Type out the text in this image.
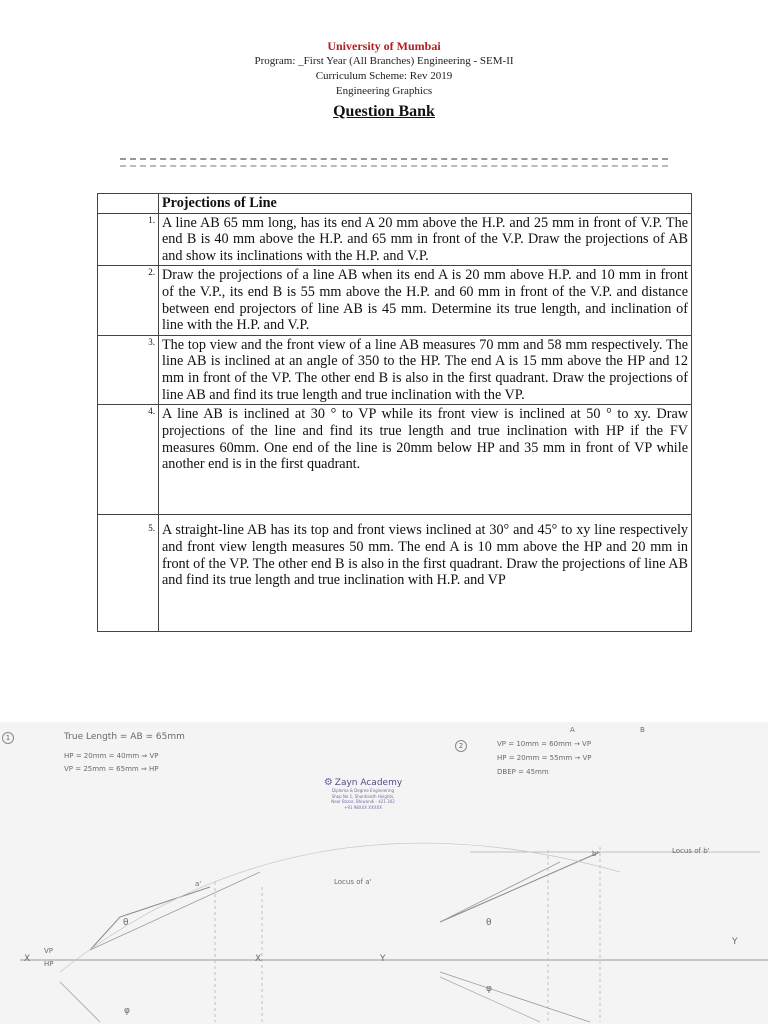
University of Mumbai
Program: _First Year (All Branches) Engineering - SEM-II
Curriculum Scheme: Rev 2019
Engineering Graphics
Question Bank
	Projections of Line
1.	A line AB 65 mm long, has its end A 20 mm above the H.P. and 25 mm in front of V.P. The end B is 40 mm above the H.P. and 65 mm in front of the V.P. Draw the projections of AB and show its inclinations with the H.P. and V.P.
2.	Draw the projections of a line AB when its end A is 20 mm above H.P. and 10 mm in front of the V.P., its end B is 55 mm above the H.P. and 60 mm in front of the V.P. and distance between end projectors of line AB is 45 mm. Determine its true length, and inclination of line with the H.P. and V.P.
3.	The top view and the front view of a line AB measures 70 mm and 58 mm respectively. The line AB is inclined at an angle of 350 to the HP. The end A is 15 mm above the HP and 12 mm in front of the VP. The other end B is also in the first quadrant. Draw the projections of line AB and find its true length and true inclination with the VP.
4.	A line AB is inclined at 30 ° to VP while its front view is inclined at 50 ° to xy. Draw projections of the line and find its true length and true inclination with HP if the FV measures 60mm. One end of the line is 20mm below HP and 35 mm in front of VP while another end is in the first quadrant.
5.	A straight-line AB has its top and front views inclined at 30° and 45° to xy line respectively and front view length measures 50 mm. The end A is 10 mm above the HP and 20 mm in front of the VP. The other end B is also in the first quadrant. Draw the projections of line AB and find its true length and true inclination with H.P. and VP
1
2
True Length = AB = 65mm
HP = 20mm = 40mm ⇒ VP
VP = 25mm = 65mm ⇒ HP
A	B
VP = 10mm = 60mm → VP
HP = 20mm = 55mm → VP
DBEP = 45mm
Locus of a'
Locus of b'
X	X	Y
Y
VP
HP
θ	θ
φ
φ
a'
b'
⚙ Zayn Academy
Diploma & Degree Engineering
Shop No 1, Shantinath Heights,
Near Bazar, Bhiwandi - 421 302
+91 98XXX XXXXX
